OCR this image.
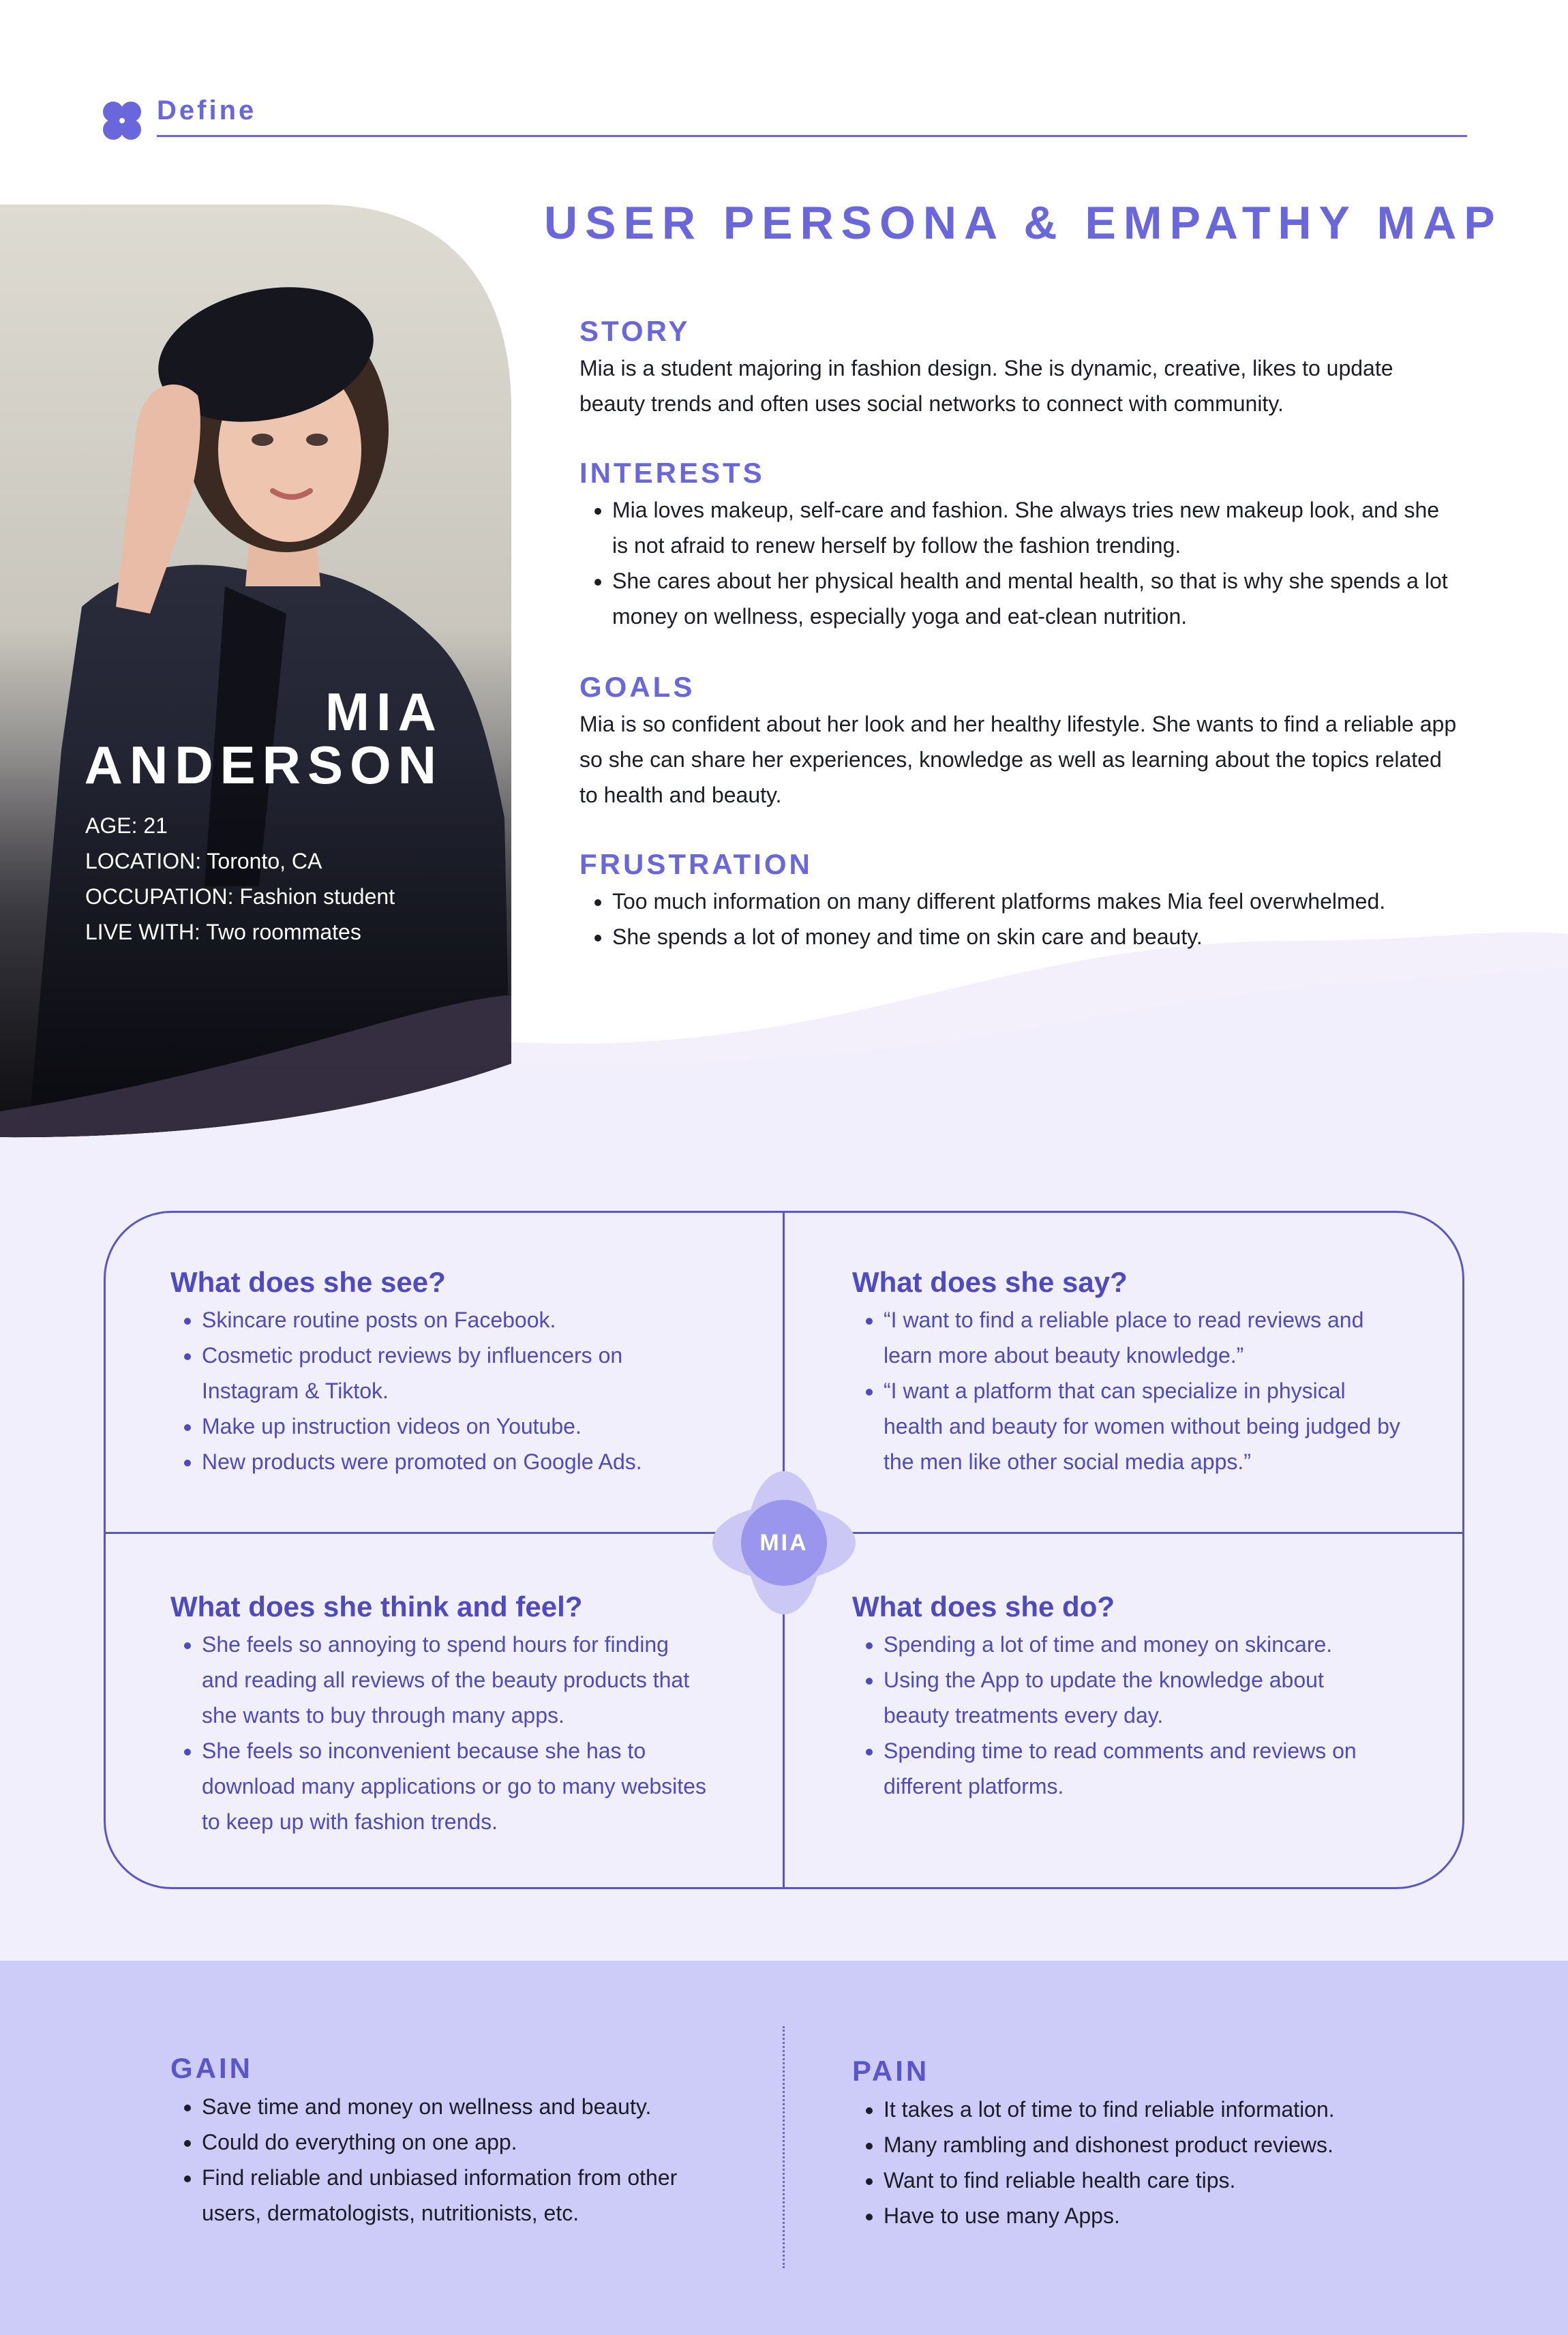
Define
MIA
ANDERSON
AGE: 21
LOCATION: Toronto, CA
OCCUPATION: Fashion student
LIVE WITH: Two roommates
USER PERSONA & EMPATHY MAP
STORY

Mia is a student majoring in fashion design. She is dynamic, creative, likes to update beauty trends and often uses social networks to connect with community.

INTERESTS
• Mia loves makeup, self-care and fashion. She always tries new makeup look, and she is not afraid to renew herself by follow the fashion trending.
• She cares about her physical health and mental health, so that is why she spends a lot money on wellness, especially yoga and eat-clean nutrition.
GOALS

Mia is so confident about her look and her healthy lifestyle. She wants to find a reliable app so she can share her experiences, knowledge as well as learning about the topics related to health and beauty.

FRUSTRATION
• Too much information on many different platforms makes Mia feel overwhelmed.
• She spends a lot of money and time on skin care and beauty.
What does she see?
• Skincare routine posts on Facebook.
• Cosmetic product reviews by influencers on Instagram & Tiktok.
• Make up instruction videos on Youtube.
• New products were promoted on Google Ads.
What does she say?
• “I want to find a reliable place to read reviews and learn more about beauty knowledge.”
• “I want a platform that can specialize in physical health and beauty for women without being judged by the men like other social media apps.”
What does she think and feel?
• She feels so annoying to spend hours for finding and reading all reviews of the beauty products that she wants to buy through many apps.
• She feels so inconvenient because she has to download many applications or go to many websites to keep up with fashion trends.
What does she do?
• Spending a lot of time and money on skincare.
• Using the App to update the knowledge about beauty treatments every day.
• Spending time to read comments and reviews on different platforms.
MIA
GAIN
• Save time and money on wellness and beauty.
• Could do everything on one app.
• Find reliable and unbiased information from other users, dermatologists, nutritionists, etc.
PAIN
• It takes a lot of time to find reliable information.
• Many rambling and dishonest product reviews.
• Want to find reliable health care tips.
• Have to use many Apps.
